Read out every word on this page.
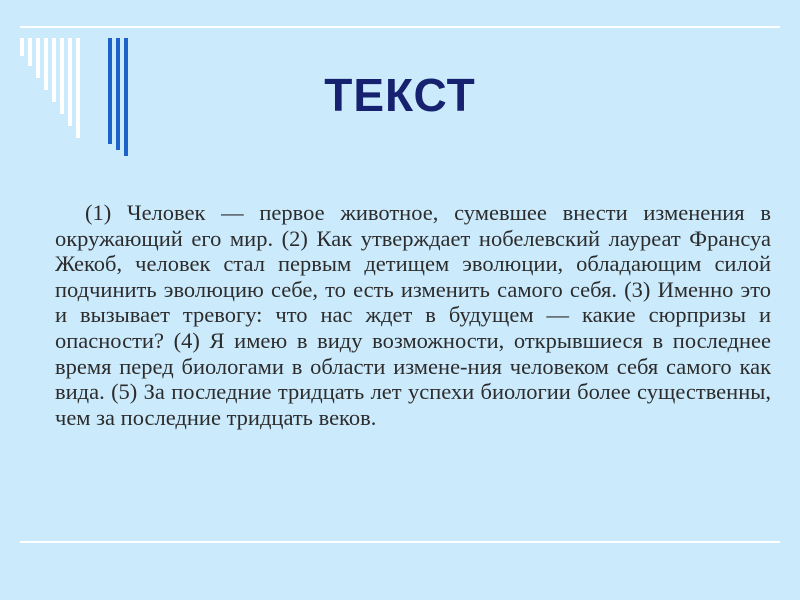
ТЕКСТ

(1) Человек — первое животное, сумевшее внести изменения в окружающий его мир. (2) Как утверждает нобелевский лауреат Франсуа Жекоб, человек стал первым детищем эволюции, обладающим силой подчинить эволюцию себе, то есть изменить самого себя. (3) Именно это и вызывает тревогу: что нас ждет в будущем — какие сюрпризы и опасности? (4) Я имею в виду возможности, открывшиеся в последнее время перед биологами в области измене-ния человеком себя самого как вида. (5) За последние тридцать лет успехи биологии более существенны, чем за последние тридцать веков.
